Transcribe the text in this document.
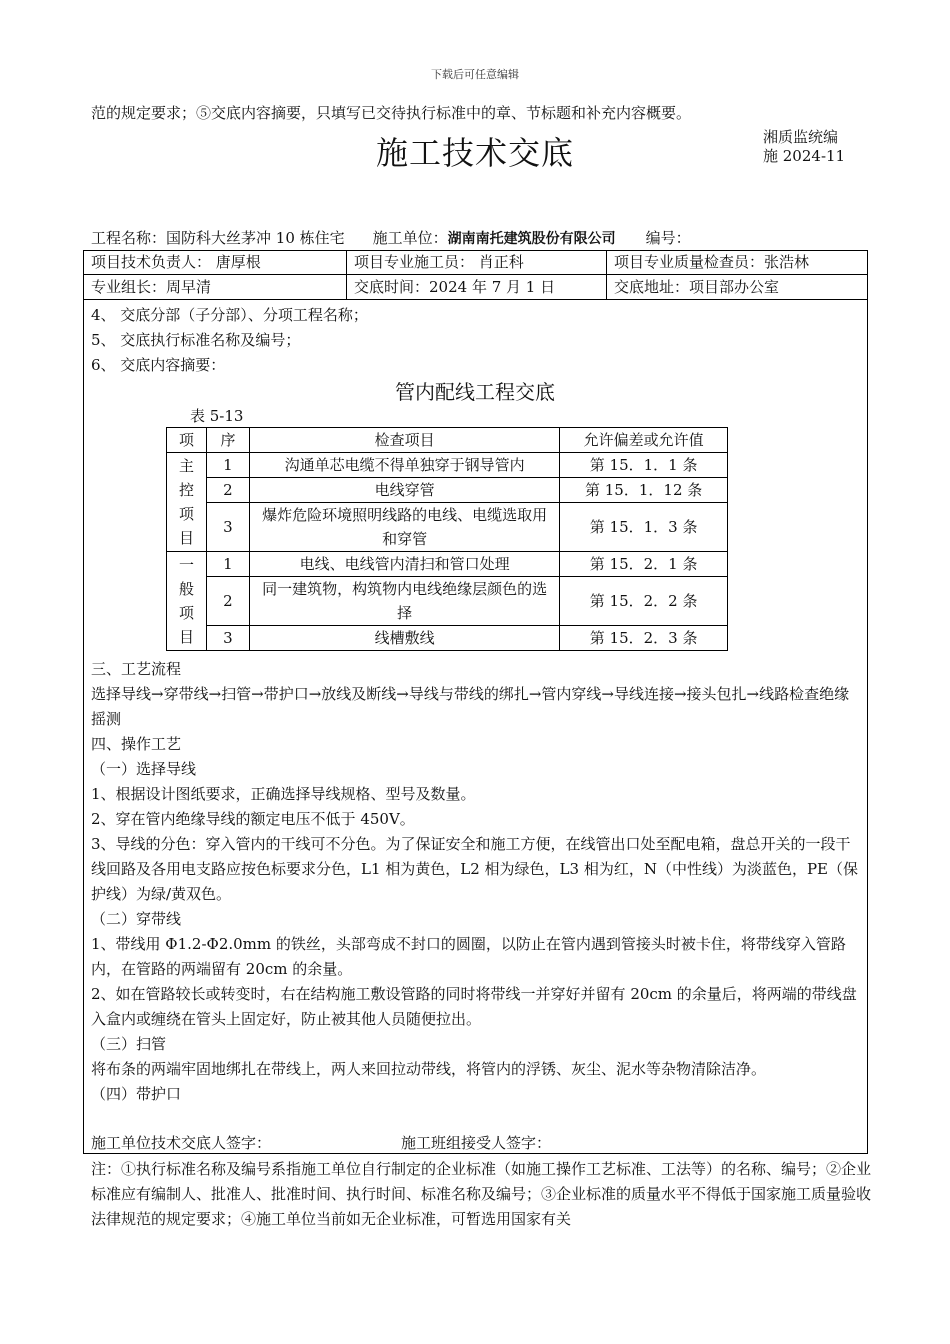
下载后可任意编辑
范的规定要求；⑤交底内容摘要，只填写已交待执行标准中的章、节标题和补充内容概要。
施工技术交底	湘质监统编
施 2024-11
工程名称：国防科大丝茅冲 10 栋住宅 施工单位：湖南南托建筑股份有限公司 编号：
项目技术负责人： 唐厚根	项目专业施工员： 肖正科	项目专业质量检查员：张浩林
专业组长：周早清	交底时间：2024 年 7 月 1 日	交底地址：项目部办公室
4、 交底分部（子分部）、分项工程名称；
5、 交底执行标准名称及编号；
6、 交底内容摘要：
管内配线工程交底
表 5-13
项	序	检查项目	允许偏差或允许值
主控项目	1	沟通单芯电缆不得单独穿于钢导管内	第 15．1．1 条
	2	电线穿管	第 15．1．12 条
	3	爆炸危险环境照明线路的电线、电缆选取用和穿管	第 15．1．3 条
一般项目	1	电线、电线管内清扫和管口处理	第 15．2．1 条
	2	同一建筑物，构筑物内电线绝缘层颜色的选择	第 15．2．2 条
	3	线槽敷线	第 15．2．3 条
三、工艺流程
选择导线→穿带线→扫管→带护口→放线及断线→导线与带线的绑扎→管内穿线→导线连接→接头包扎→线路检查绝缘摇测
四、操作工艺
（一）选择导线
1、根据设计图纸要求，正确选择导线规格、型号及数量。
2、穿在管内绝缘导线的额定电压不低于 450V。
3、导线的分色：穿入管内的干线可不分色。为了保证安全和施工方便，在线管出口处至配电箱，盘总开关的一段干线回路及各用电支路应按色标要求分色，L1 相为黄色，L2 相为绿色，L3 相为红，N（中性线）为淡蓝色，PE（保护线）为绿/黄双色。
（二）穿带线
1、带线用 Φ1.2-Φ2.0mm 的铁丝，头部弯成不封口的圆圈，以防止在管内遇到管接头时被卡住，将带线穿入管路内，在管路的两端留有 20cm 的余量。
2、如在管路较长或转变时，右在结构施工敷设管路的同时将带线一并穿好并留有 20cm 的余量后，将两端的带线盘入盒内或缠绕在管头上固定好，防止被其他人员随便拉出。
（三）扫管
将布条的两端牢固地绑扎在带线上，两人来回拉动带线，将管内的浮锈、灰尘、泥水等杂物清除洁净。
（四）带护口
施工单位技术交底人签字：	施工班组接受人签字：
注：①执行标准名称及编号系指施工单位自行制定的企业标准（如施工操作工艺标准、工法等）的名称、编号；②企业标准应有编制人、批准人、批准时间、执行时间、标准名称及编号；③企业标准的质量水平不得低于国家施工质量验收法律规范的规定要求；④施工单位当前如无企业标准，可暂选用国家有关
